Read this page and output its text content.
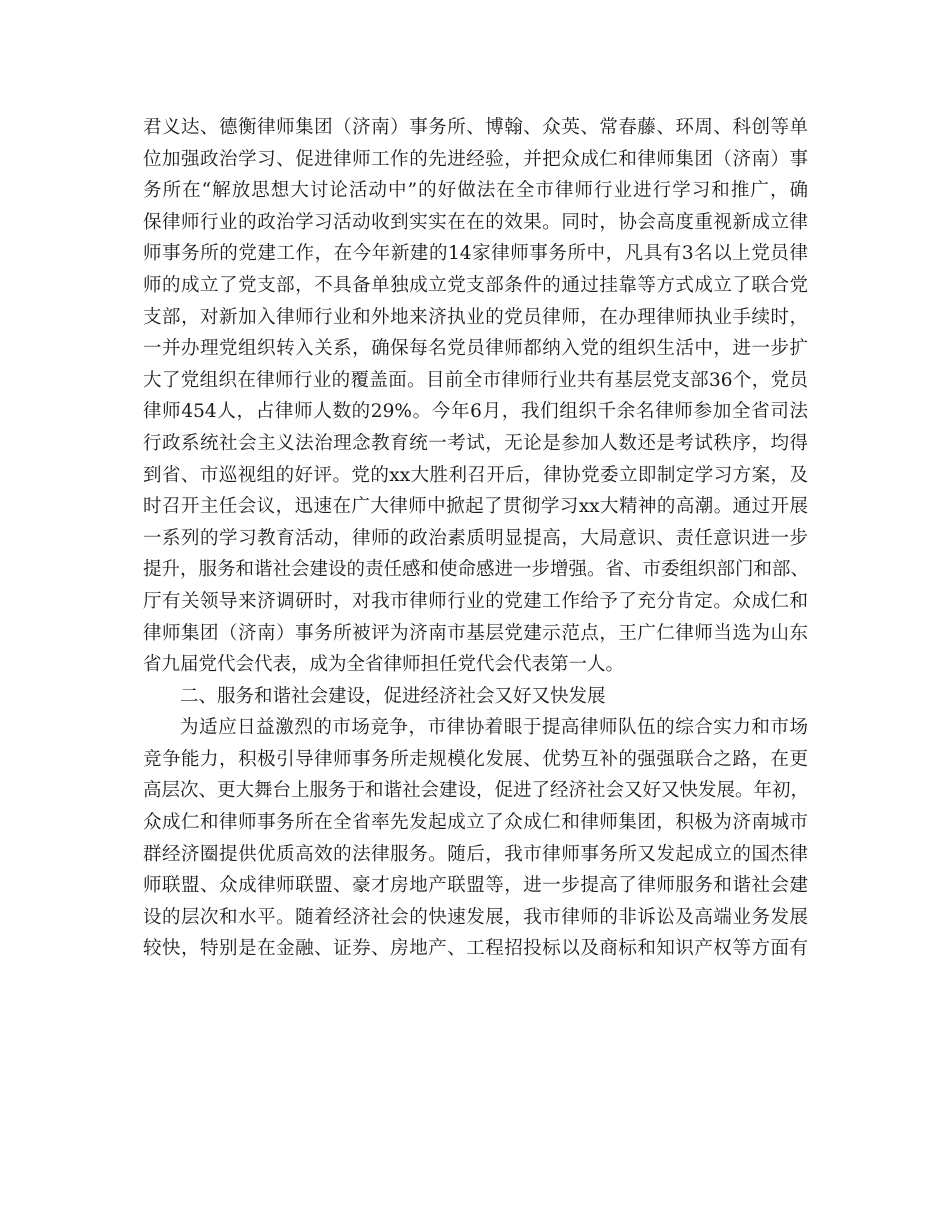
君义达、德衡律师集团（济南）事务所、博翰、众英、常春藤、环周、科创等单
位加强政治学习、促进律师工作的先进经验，并把众成仁和律师集团（济南）事
务所在“解放思想大讨论活动中”的好做法在全市律师行业进行学习和推广，确
保律师行业的政治学习活动收到实实在在的效果。同时，协会高度重视新成立律
师事务所的党建工作，在今年新建的14家律师事务所中，凡具有3名以上党员律
师的成立了党支部，不具备单独成立党支部条件的通过挂靠等方式成立了联合党
支部，对新加入律师行业和外地来济执业的党员律师，在办理律师执业手续时，
一并办理党组织转入关系，确保每名党员律师都纳入党的组织生活中，进一步扩
大了党组织在律师行业的覆盖面。目前全市律师行业共有基层党支部36个，党员
律师454人，占律师人数的29%。今年6月，我们组织千余名律师参加全省司法
行政系统社会主义法治理念教育统一考试，无论是参加人数还是考试秩序，均得
到省、市巡视组的好评。党的xx大胜利召开后，律协党委立即制定学习方案，及
时召开主任会议，迅速在广大律师中掀起了贯彻学习xx大精神的高潮。通过开展
一系列的学习教育活动，律师的政治素质明显提高，大局意识、责任意识进一步
提升，服务和谐社会建设的责任感和使命感进一步增强。省、市委组织部门和部、
厅有关领导来济调研时，对我市律师行业的党建工作给予了充分肯定。众成仁和
律师集团（济南）事务所被评为济南市基层党建示范点，王广仁律师当选为山东
省九届党代会代表，成为全省律师担任党代会代表第一人。
二、服务和谐社会建设，促进经济社会又好又快发展
为适应日益激烈的市场竞争，市律协着眼于提高律师队伍的综合实力和市场
竞争能力，积极引导律师事务所走规模化发展、优势互补的强强联合之路，在更
高层次、更大舞台上服务于和谐社会建设，促进了经济社会又好又快发展。年初，
众成仁和律师事务所在全省率先发起成立了众成仁和律师集团，积极为济南城市
群经济圈提供优质高效的法律服务。随后，我市律师事务所又发起成立的国杰律
师联盟、众成律师联盟、豪才房地产联盟等，进一步提高了律师服务和谐社会建
设的层次和水平。随着经济社会的快速发展，我市律师的非诉讼及高端业务发展
较快，特别是在金融、证券、房地产、工程招投标以及商标和知识产权等方面有
